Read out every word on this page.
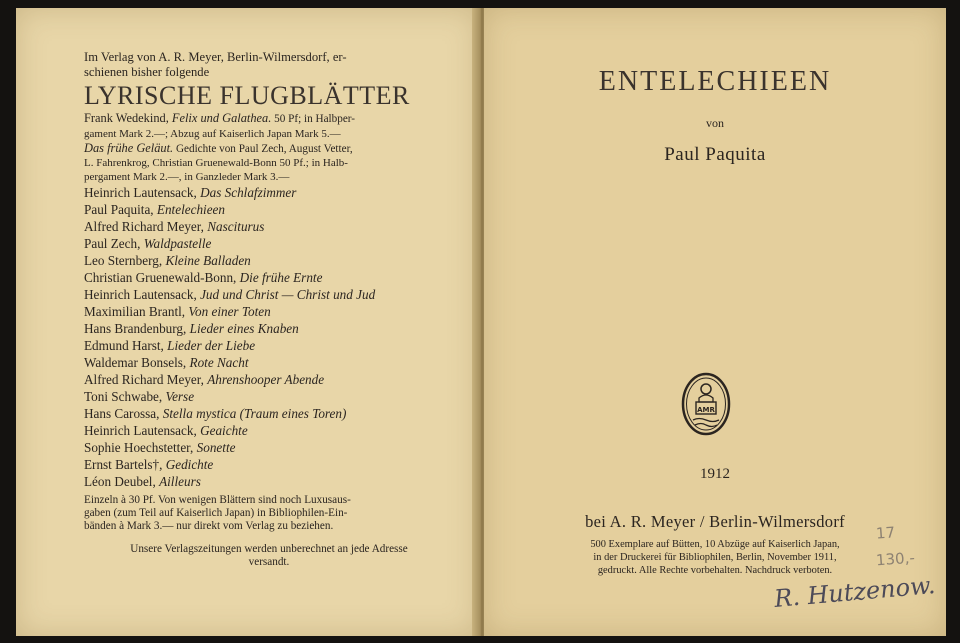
Im Verlag von A. R. Meyer, Berlin-Wilmersdorf, er-
schienen bisher folgende
LYRISCHE FLUGBLÄTTER
Frank Wedekind, Felix und Galathea. 50 Pf; in Halbper-
gament Mark 2.—; Abzug auf Kaiserlich Japan Mark 5.—
Das frühe Geläut. Gedichte von Paul Zech, August Vetter,
L. Fahrenkrog, Christian Gruenewald-Bonn 50 Pf.; in Halb-
pergament Mark 2.—, in Ganzleder Mark 3.—
Heinrich Lautensack, Das Schlafzimmer
Paul Paquita, Entelechieen
Alfred Richard Meyer, Nasciturus
Paul Zech, Waldpastelle
Leo Sternberg, Kleine Balladen
Christian Gruenewald-Bonn, Die frühe Ernte
Heinrich Lautensack, Jud und Christ — Christ und Jud
Maximilian Brantl, Von einer Toten
Hans Brandenburg, Lieder eines Knaben
Edmund Harst, Lieder der Liebe
Waldemar Bonsels, Rote Nacht
Alfred Richard Meyer, Ahrenshooper Abende
Toni Schwabe, Verse
Hans Carossa, Stella mystica (Traum eines Toren)
Heinrich Lautensack, Geaichte
Sophie Hoechstetter, Sonette
Ernst Bartels†, Gedichte
Léon Deubel, Ailleurs
Einzeln à 30 Pf. Von wenigen Blättern sind noch Luxusaus-
gaben (zum Teil auf Kaiserlich Japan) in Bibliophilen-Ein-
bänden à Mark 3.— nur direkt vom Verlag zu beziehen.
Unsere Verlagszeitungen werden unberechnet an jede Adresse
versandt.
ENTELECHIEEN
von
Paul Paquita
AMR
1912
bei A. R. Meyer / Berlin-Wilmersdorf
500 Exemplare auf Bütten, 10 Abzüge auf Kaiserlich Japan,
in der Druckerei für Bibliophilen, Berlin, November 1911,
gedruckt. Alle Rechte vorbehalten. Nachdruck verboten.
17
130,-
R. Hutzenow.
